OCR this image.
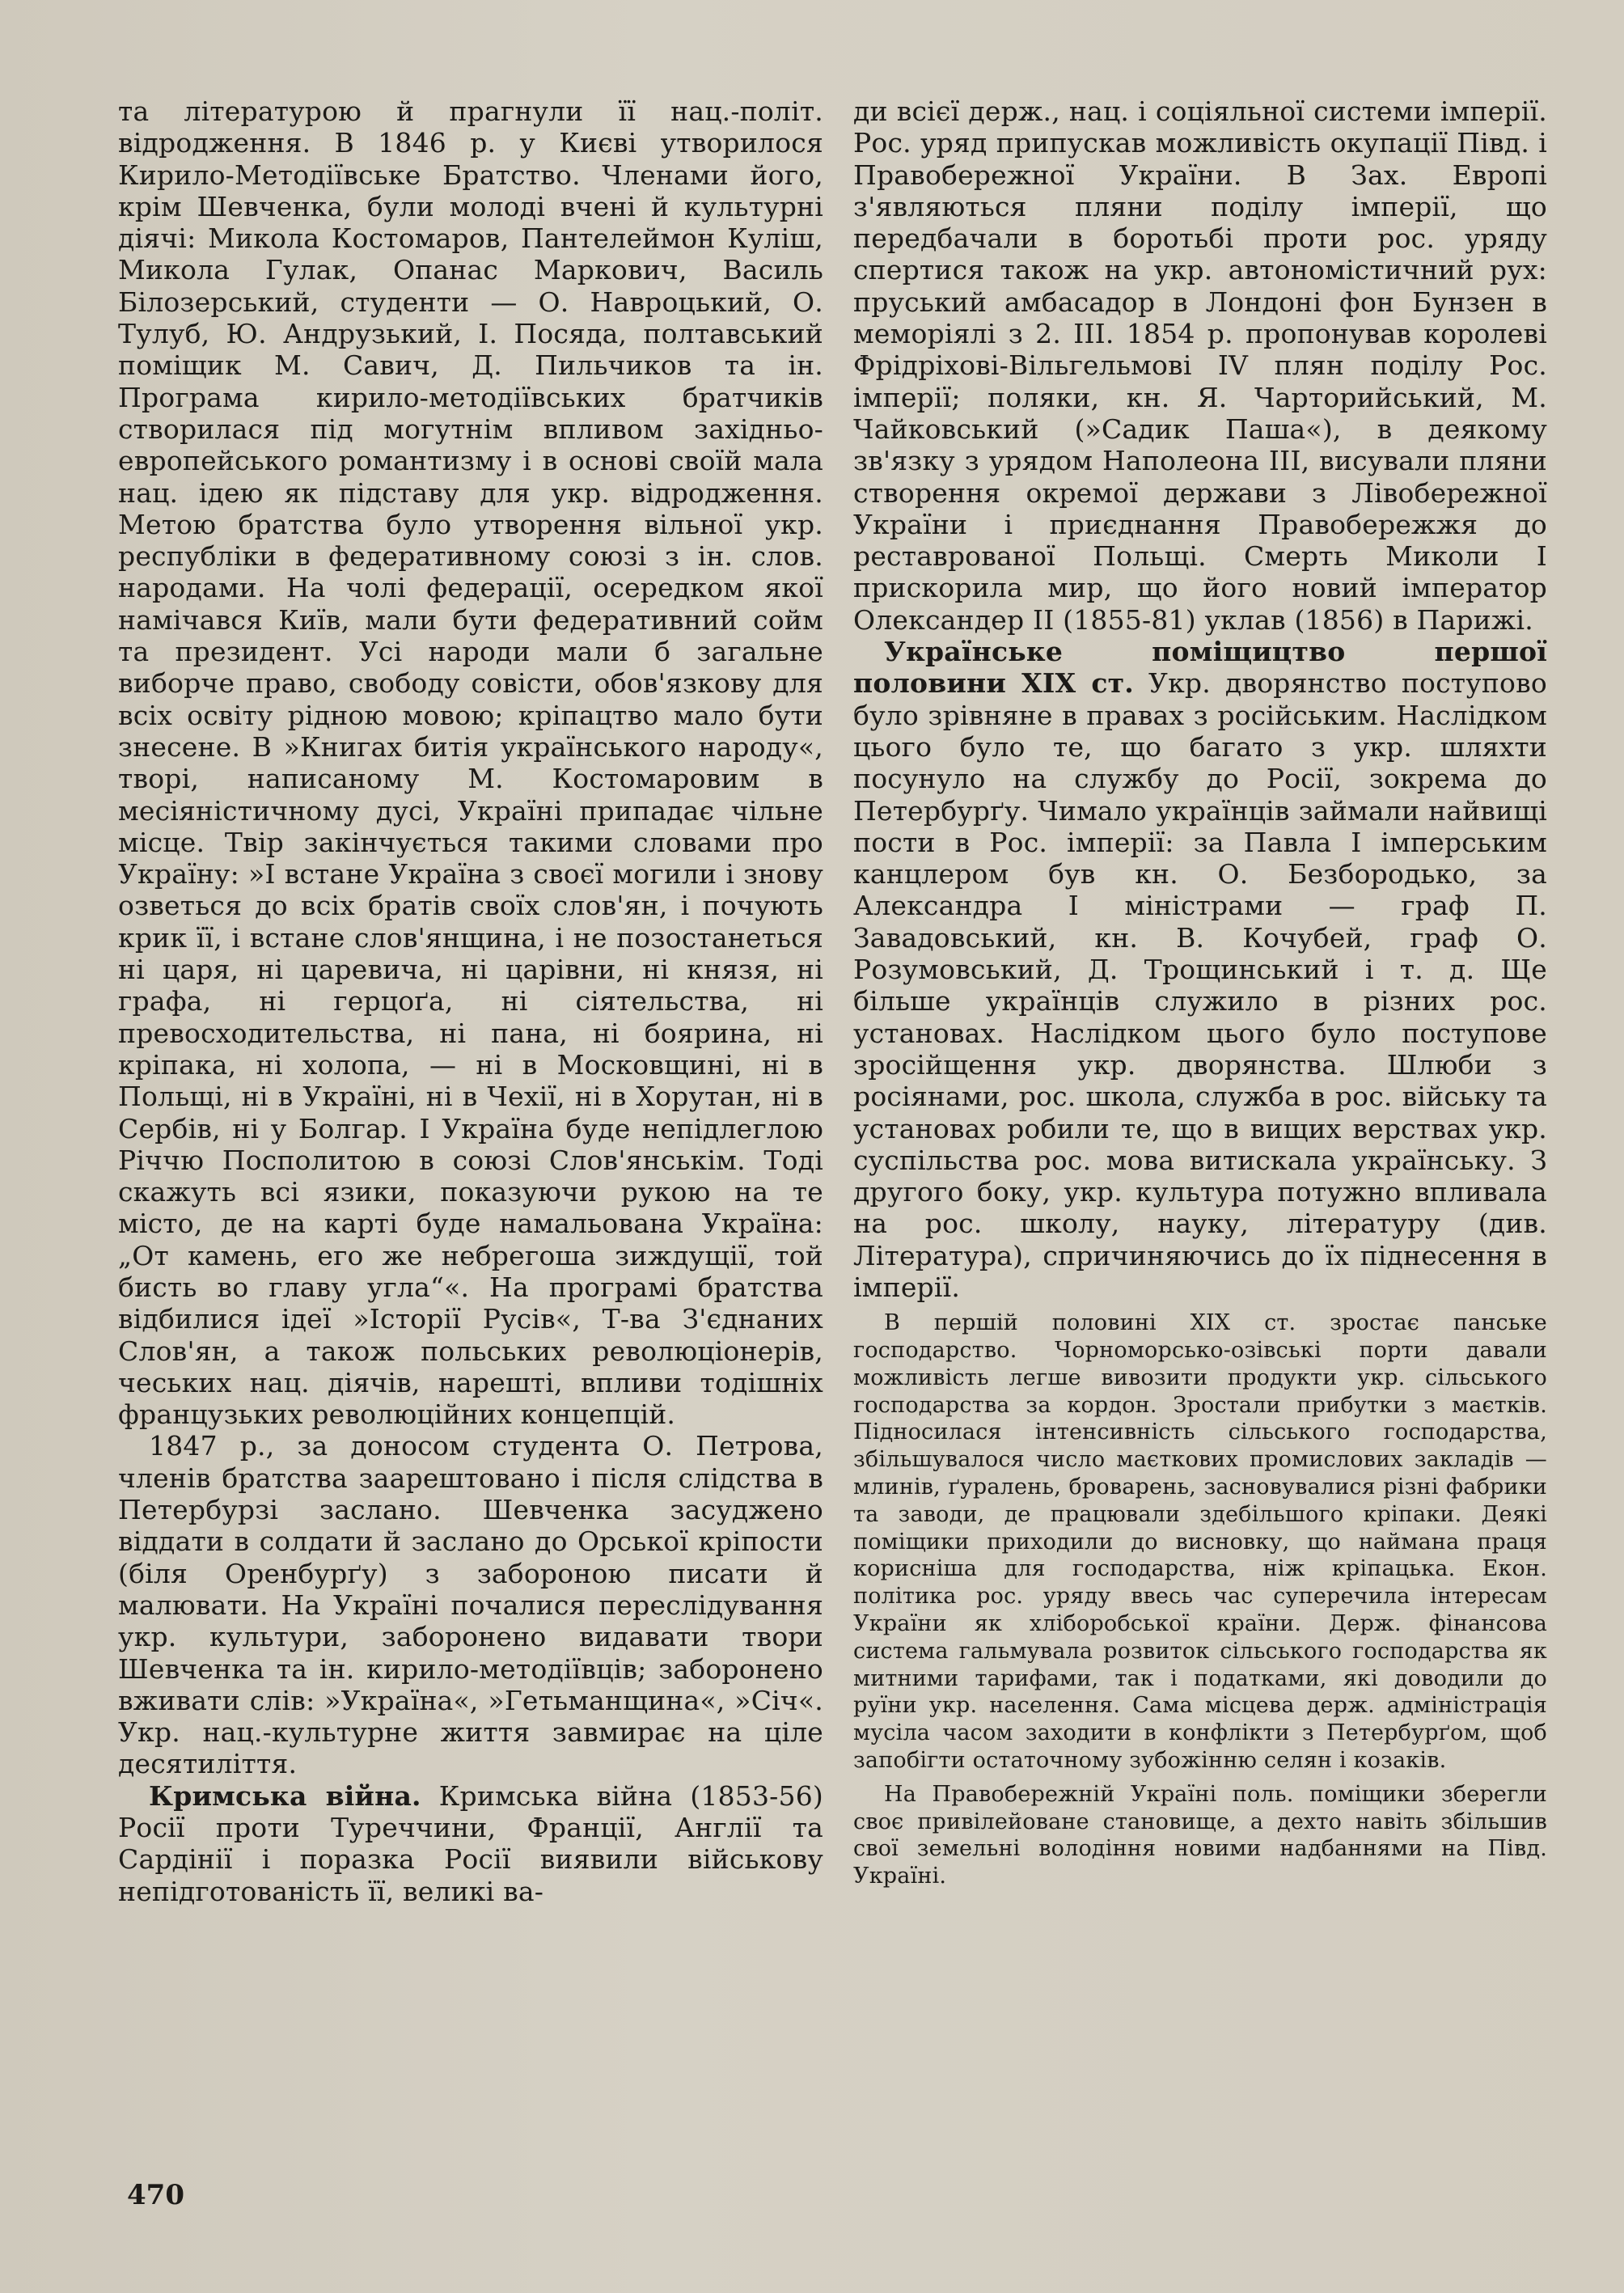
та літературою й прагнули її нац.-політ. відродження. В 1846 р. у Києві утворилося Кирило-Методіївське Братство. Членами його, крім Шевченка, були молоді вчені й культурні діячі: Микола Костомаров, Пантелеймон Куліш, Микола Гулак, Опанас Маркович, Василь Білозерський, студенти — О. Навроцький, О. Тулуб, Ю. Андрузький, І. Посяда, полтавський поміщик М. Савич, Д. Пильчиков та ін. Програма кирило-методіївських братчиків створилася під могутнім впливом західньо-европейського романтизму і в основі своїй мала нац. ідею як підставу для укр. відродження. Метою братства було утворення вільної укр. республіки в федеративному союзі з ін. слов. народами. На чолі федерації, осередком якої намічався Київ, мали бути федеративний сойм та президент. Усі народи мали б загальне виборче право, свободу совісти, обов'язкову для всіх освіту рідною мовою; кріпацтво мало бути знесене. В »Книгах битія українського народу«, творі, написаному М. Костомаровим в месіяністичному дусі, Україні припадає чільне місце. Твір закінчується такими словами про Україну: »І встане Україна з своєї могили і знову озветься до всіх братів своїх слов'ян, і почують крик її, і встане слов'янщина, і не позостанеться ні царя, ні царевича, ні царівни, ні князя, ні графа, ні герцоґа, ні сіятельства, ні превосходительства, ні пана, ні боярина, ні кріпака, ні холопа, — ні в Московщині, ні в Польщі, ні в Україні, ні в Чехії, ні в Хорутан, ні в Сербів, ні у Болгар. І Україна буде непідлеглою Річчю Посполитою в союзі Слов'янськім. Тоді скажуть всі язики, показуючи рукою на те місто, де на карті буде намальована Україна: „От камень, его же небрегоша зиждущії, той бисть во главу угла“«. На програмі братства відбилися ідеї »Історії Русів«, Т-ва З'єднаних Слов'ян, а також польських революціонерів, чеських нац. діячів, нарешті, впливи тодішніх французьких революційних концепцій.

1847 р., за доносом студента О. Петрова, членів братства заарештовано і після слідства в Петербурзі заслано. Шевченка засуджено віддати в солдати й заслано до Орської кріпости (біля Оренбурґу) з забороною писати й малювати. На Україні почалися переслідування укр. культури, заборонено видавати твори Шевченка та ін. кирило-методіївців; заборонено вживати слів: »Україна«, »Гетьманщина«, »Січ«. Укр. нац.-культурне життя завмирає на ціле десятиліття.

Кримська війна. Кримська війна (1853-56) Росії проти Туреччини, Франції, Англії та Сардінії і поразка Росії виявили військову непідготованість її, великі ва-

ди всієї держ., нац. і соціяльної системи імперії. Рос. уряд припускав можливість окупації Півд. і Правобережної України. В Зах. Европі з'являються пляни поділу імперії, що передбачали в боротьбі проти рос. уряду спертися також на укр. автономістичний рух: пруський амбасадор в Лондоні фон Бунзен в меморіялі з 2. III. 1854 р. пропонував королеві Фрідріхові-Вільгельмові IV плян поділу Рос. імперії; поляки, кн. Я. Чарторийський, М. Чайковський (»Садик Паша«), в деякому зв'язку з урядом Наполеона III, висували пляни створення окремої держави з Лівобережної України і приєднання Правобережжя до реставрованої Польщі. Смерть Миколи І прискорила мир, що його новий імператор Олександер II (1855-81) уклав (1856) в Парижі.

Українське поміщицтво першої половини XIX ст. Укр. дворянство поступово було зрівняне в правах з російським. Наслідком цього було те, що багато з укр. шляхти посунуло на службу до Росії, зокрема до Петербурґу. Чимало українців займали найвищі пости в Рос. імперії: за Павла І імперським канцлером був кн. О. Безбородько, за Александра І міністрами — граф П. Завадовський, кн. В. Кочубей, граф О. Розумовський, Д. Трощинський і т. д. Ще більше українців служило в різних рос. установах. Наслідком цього було поступове зросійщення укр. дворянства. Шлюби з росіянами, рос. школа, служба в рос. війську та установах робили те, що в вищих верствах укр. суспільства рос. мова витискала українську. З другого боку, укр. культура потужно впливала на рос. школу, науку, літературу (див. Література), спричиняючись до їх піднесення в імперії.

В першій половині XIX ст. зростає панське господарство. Чорноморсько-озівські порти давали можливість легше вивозити продукти укр. сільського господарства за кордон. Зростали прибутки з маєтків. Підносилася інтенсивність сільського господарства, збільшувалося число маєткових промислових закладів — млинів, ґуралень, броварень, засновувалися різні фабрики та заводи, де працювали здебільшого кріпаки. Деякі поміщики приходили до висновку, що наймана праця корисніша для господарства, ніж кріпацька. Екон. політика рос. уряду ввесь час суперечила інтересам України як хліборобської країни. Держ. фінансова система гальмувала розвиток сільського господарства як митними тарифами, так і податками, які доводили до руїни укр. населення. Сама місцева держ. адміністрація мусіла часом заходити в конфлікти з Петербурґом, щоб запобігти остаточному зубожінню селян і козаків.

На Правобережній Україні поль. поміщики зберегли своє привілейоване становище, а деxто навіть збільшив свої земельні володіння новими надбаннями на Півд. Україні.

470
